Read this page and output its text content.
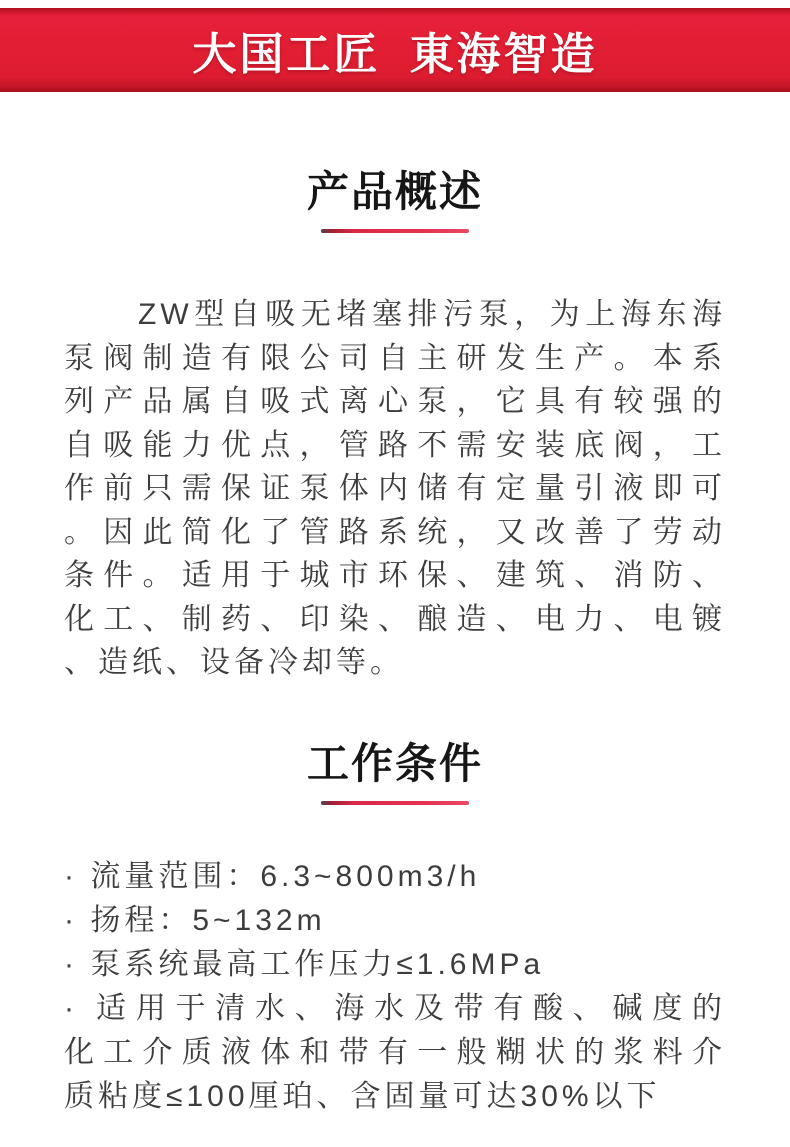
大国工匠 東海智造
产品概述
ZW型自吸无堵塞排污泵，为上海东海
泵阀制造有限公司自主研发生产。本系
列产品属自吸式离心泵，它具有较强的
自吸能力优点，管路不需安装底阀，工
作前只需保证泵体内储有定量引液即可
。因此简化了管路系统，又改善了劳动
条件。适用于城市环保、建筑、消防、
化工、制药、印染、酿造、电力、电镀
、造纸、设备冷却等。
工作条件
· 流量范围：6.3~800m3/h
· 扬程：5~132m
· 泵系统最高工作压力≤1.6MPa
· 适用于清水、海水及带有酸、碱度的
化工介质液体和带有一般糊状的浆料介
质粘度≤100厘珀、含固量可达30%以下
